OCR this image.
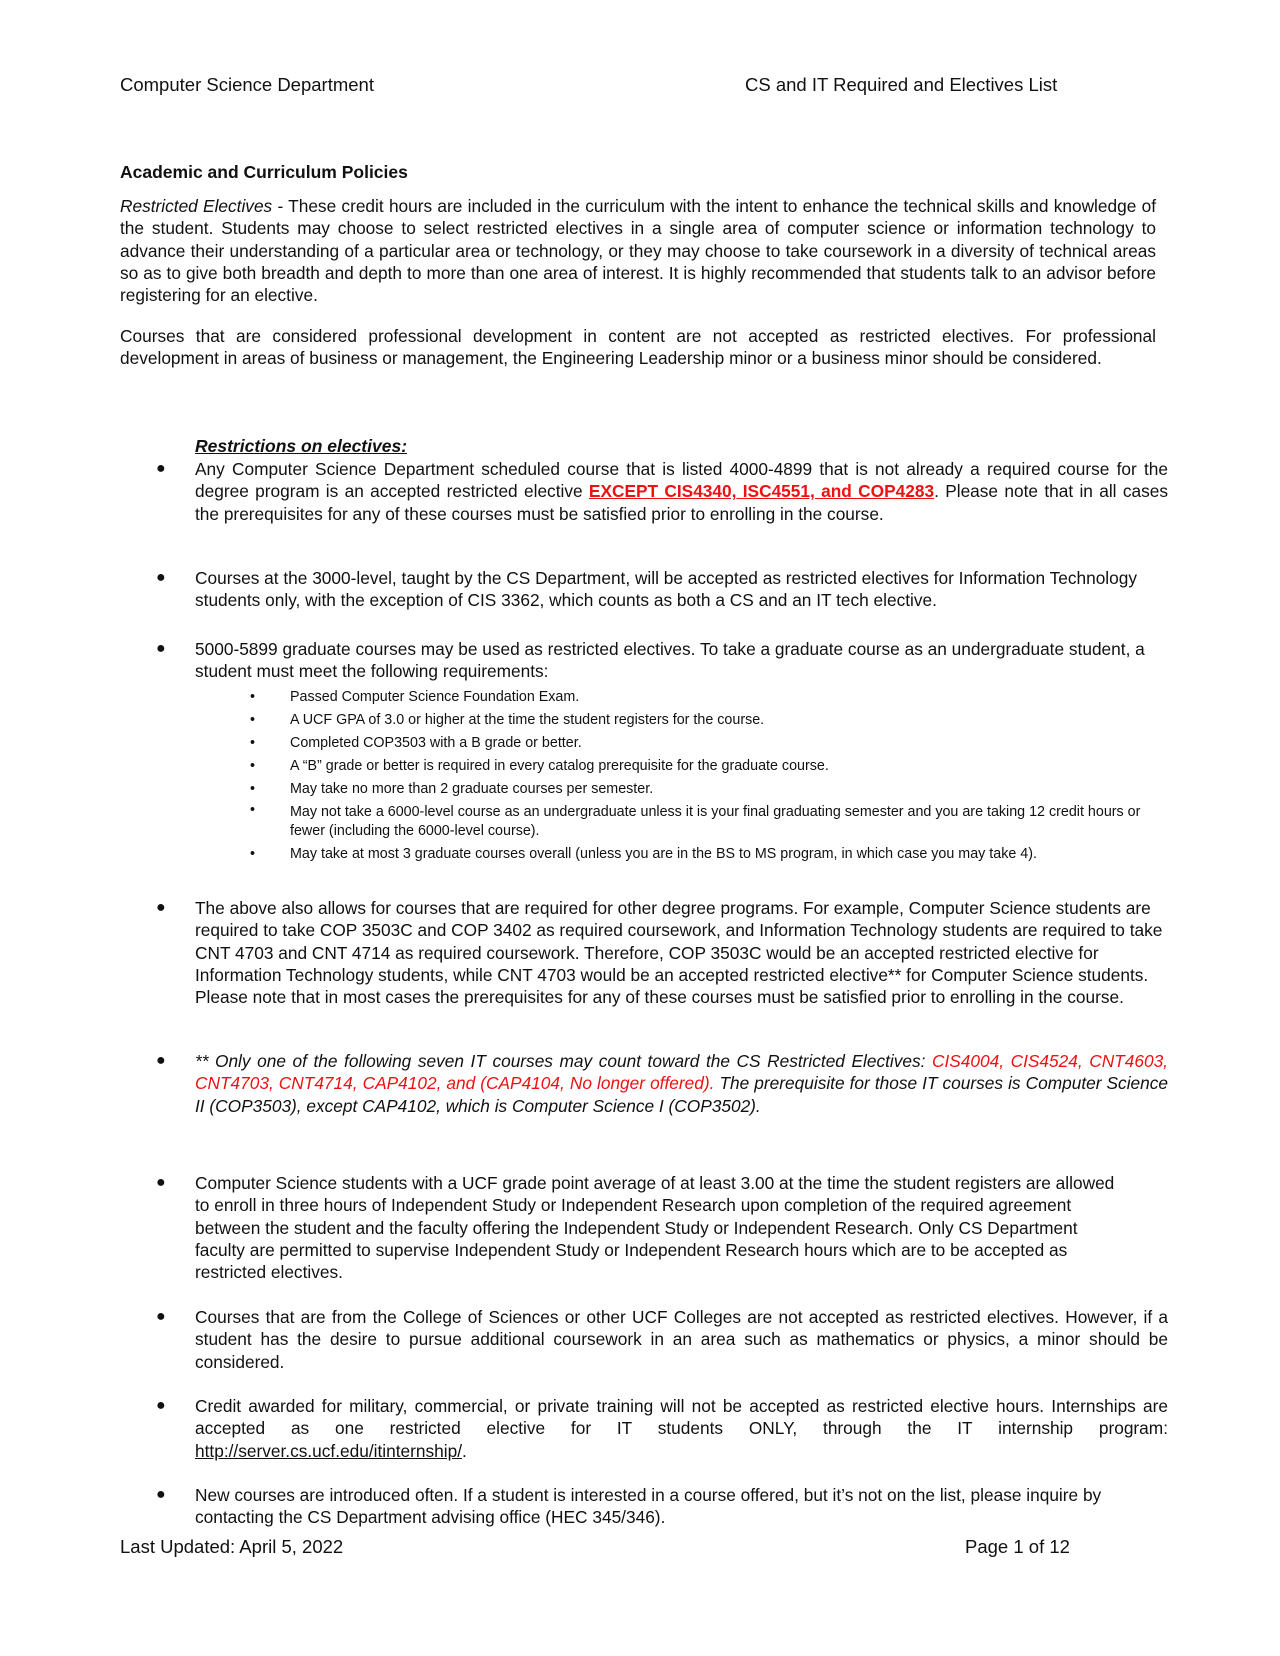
Computer Science Department	CS and IT Required and Electives List
Academic and Curriculum Policies
Restricted Electives - These credit hours are included in the curriculum with the intent to enhance the technical skills and knowledge of the student. Students may choose to select restricted electives in a single area of computer science or information technology to advance their understanding of a particular area or technology, or they may choose to take coursework in a diversity of technical areas so as to give both breadth and depth to more than one area of interest. It is highly recommended that students talk to an advisor before registering for an elective.
Courses that are considered professional development in content are not accepted as restricted electives. For professional development in areas of business or management, the Engineering Leadership minor or a business minor should be considered.
Restrictions on electives:
● Any Computer Science Department scheduled course that is listed 4000-4899 that is not already a required course for the degree program is an accepted restricted elective EXCEPT CIS4340, ISC4551, and COP4283. Please note that in all cases the prerequisites for any of these courses must be satisfied prior to enrolling in the course.
● Courses at the 3000-level, taught by the CS Department, will be accepted as restricted electives for Information Technology students only, with the exception of CIS 3362, which counts as both a CS and an IT tech elective.
● 5000-5899 graduate courses may be used as restricted electives. To take a graduate course as an undergraduate student, a student must meet the following requirements:
• Passed Computer Science Foundation Exam.
• A UCF GPA of 3.0 or higher at the time the student registers for the course.
• Completed COP3503 with a B grade or better.
• A “B” grade or better is required in every catalog prerequisite for the graduate course.
• May take no more than 2 graduate courses per semester.
• May not take a 6000-level course as an undergraduate unless it is your final graduating semester and you are taking 12 credit hours or fewer (including the 6000-level course).
• May take at most 3 graduate courses overall (unless you are in the BS to MS program, in which case you may take 4).
● The above also allows for courses that are required for other degree programs. For example, Computer Science students are required to take COP 3503C and COP 3402 as required coursework, and Information Technology students are required to take CNT 4703 and CNT 4714 as required coursework. Therefore, COP 3503C would be an accepted restricted elective for Information Technology students, while CNT 4703 would be an accepted restricted elective** for Computer Science students. Please note that in most cases the prerequisites for any of these courses must be satisfied prior to enrolling in the course.
● ** Only one of the following seven IT courses may count toward the CS Restricted Electives: CIS4004, CIS4524, CNT4603, CNT4703, CNT4714, CAP4102, and (CAP4104, No longer offered). The prerequisite for those IT courses is Computer Science II (COP3503), except CAP4102, which is Computer Science I (COP3502).
● Computer Science students with a UCF grade point average of at least 3.00 at the time the student registers are allowed to enroll in three hours of Independent Study or Independent Research upon completion of the required agreement between the student and the faculty offering the Independent Study or Independent Research. Only CS Department faculty are permitted to supervise Independent Study or Independent Research hours which are to be accepted as restricted electives.
● Courses that are from the College of Sciences or other UCF Colleges are not accepted as restricted electives. However, if a student has the desire to pursue additional coursework in an area such as mathematics or physics, a minor should be considered.
● Credit awarded for military, commercial, or private training will not be accepted as restricted elective hours. Internships are accepted as one restricted elective for IT students ONLY, through the IT internship program: http://server.cs.ucf.edu/itinternship/.
● New courses are introduced often. If a student is interested in a course offered, but it’s not on the list, please inquire by contacting the CS Department advising office (HEC 345/346).
Last Updated: April 5, 2022	Page 1 of 12
